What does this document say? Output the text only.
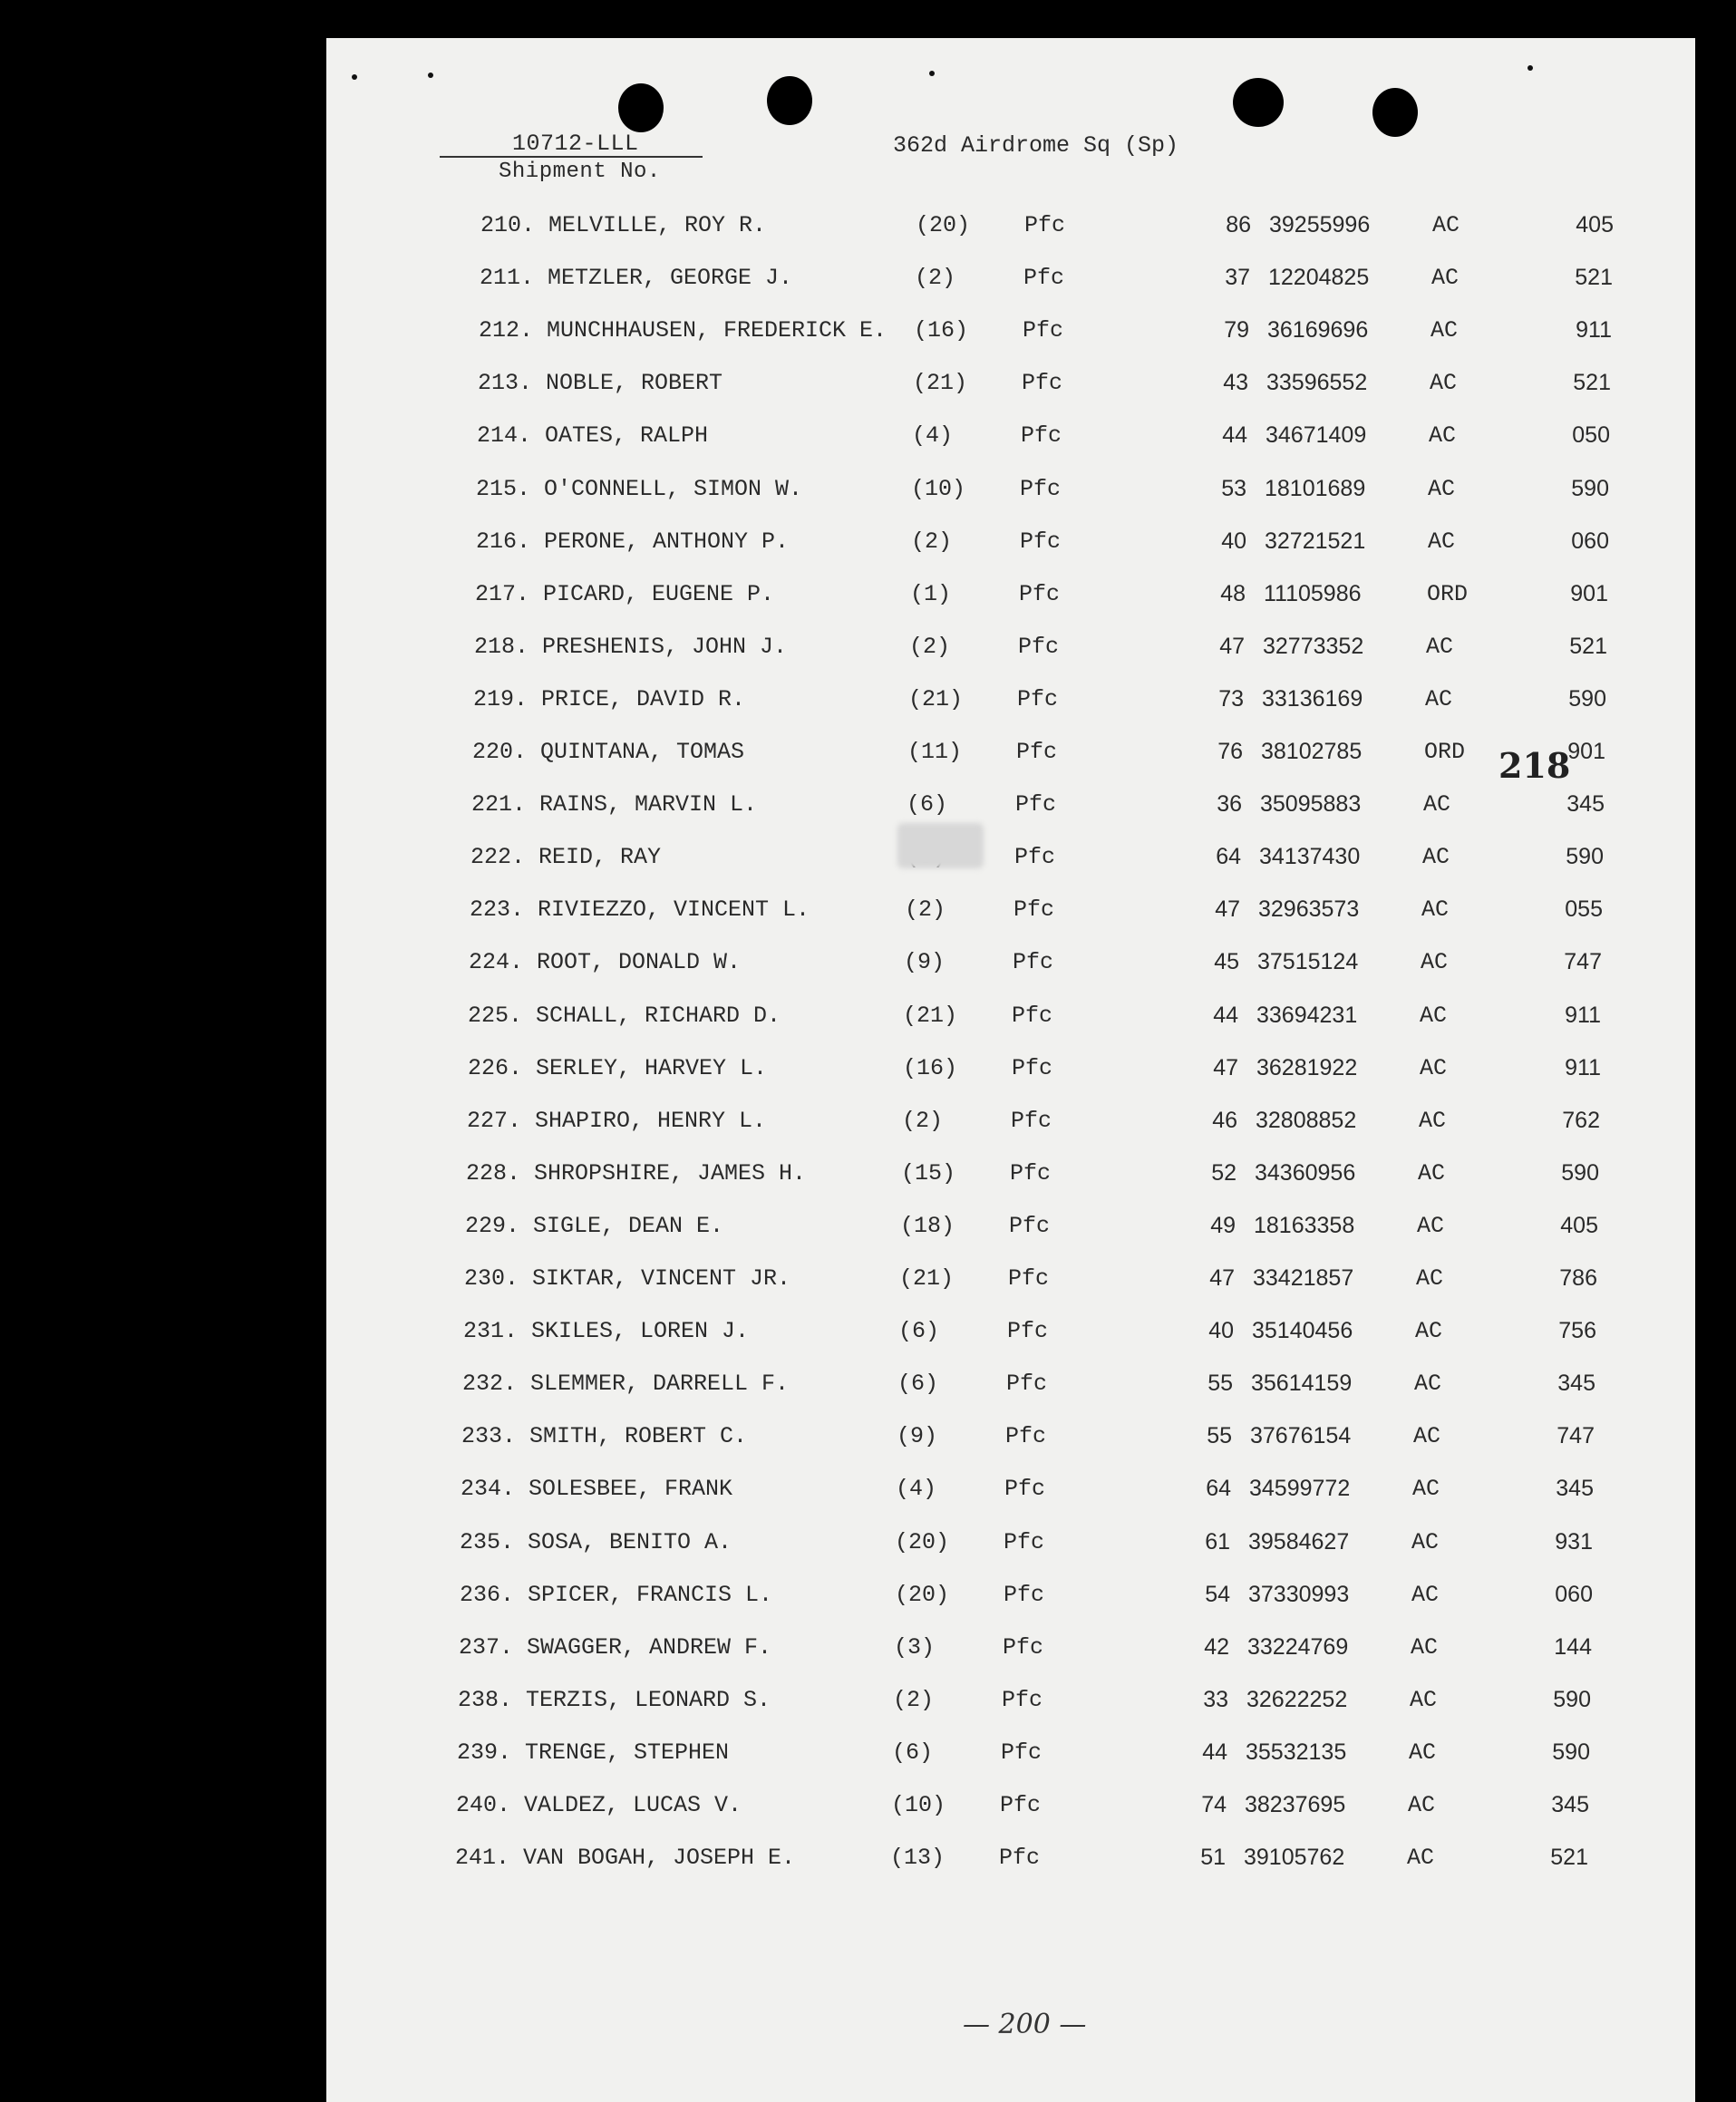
10712-LLL
Shipment No.
362d Airdrome Sq (Sp)
210. MELVILLE, ROY R.	(20) Pfc	86 39255996	AC	405
211. METZLER, GEORGE J.	(2)	Pfc	37 12204825	AC	521
212. MUNCHHAUSEN, FREDERICK E. (16) Pfc	79 36169696	AC	911
213. NOBLE, ROBERT	(21) Pfc	43 33596552	AC	521
214. OATES, RALPH	(4)	Pfc	44 34671409	AC	050
215. O'CONNELL, SIMON W.	(10) Pfc	53 18101689	AC	590
216. PERONE, ANTHONY P.	(2)	Pfc	40 32721521	AC	060
217. PICARD, EUGENE P.	(1)	Pfc	48 11105986	ORD	901
218. PRESHENIS, JOHN J.	(2)	Pfc	47 32773352	AC	521
219. PRICE, DAVID R.	(21) Pfc	73 33136169	AC	590
220. QUINTANA, TOMAS	(11) Pfc	76 38102785	ORD	901
221. RAINS, MARVIN L.	(6)	Pfc	36 35095883	AC	345
222. REID, RAY	Pfc	64 34137430	AC	590
223. RIVIEZZO, VINCENT L.	(2)	Pfc	47 32963573	AC	055
224. ROOT, DONALD W.	(9)	Pfc	45 37515124	AC	747
225. SCHALL, RICHARD D.	(21) Pfc	44 33694231	AC	911
226. SERLEY, HARVEY L.	(16) Pfc	47 36281922	AC	911
227. SHAPIRO, HENRY L.	(2)	Pfc	46 32808852	AC	762
228. SHROPSHIRE, JAMES H.	(15) Pfc	52 34360956	AC	590
229. SIGLE, DEAN E.	(18) Pfc	49 18163358	AC	405
230. SIKTAR, VINCENT JR.	(21) Pfc	47 33421857	AC	786
231. SKILES, LOREN J.	(6)	Pfc	40 35140456	AC	756
232. SLEMMER, DARRELL F.	(6)	Pfc	55 35614159	AC	345
233. SMITH, ROBERT C.	(9)	Pfc	55 37676154	AC	747
234. SOLESBEE, FRANK	(4)	Pfc	64 34599772	AC	345
235. SOSA, BENITO A.	(20) Pfc	61 39584627	AC	931
236. SPICER, FRANCIS L.	(20) Pfc	54 37330993	AC	060
237. SWAGGER, ANDREW F.	(3)	Pfc	42 33224769	AC	144
238. TERZIS, LEONARD S.	(2)	Pfc	33 32622252	AC	590
239. TRENGE, STEPHEN	(6)	Pfc	44 35532135	AC	590
240. VALDEZ, LUCAS V.	(10) Pfc	74 38237695	AC	345
241. VAN BOGAH, JOSEPH E.	(13) Pfc	51 39105762	AC	521
218
— 200 —
